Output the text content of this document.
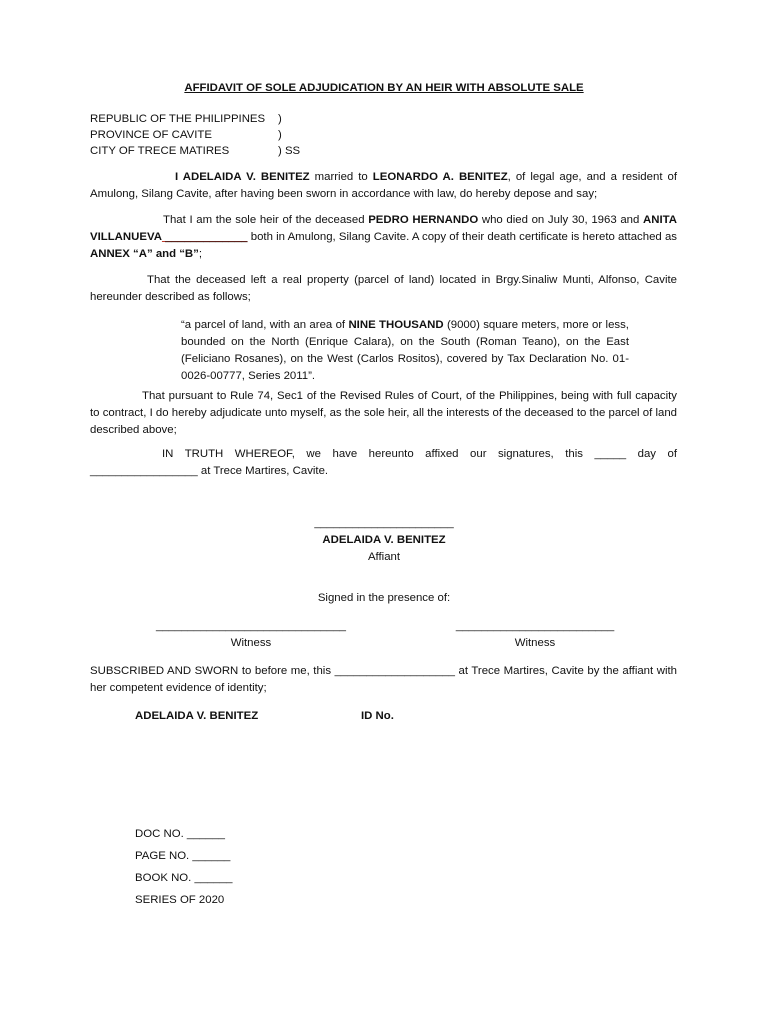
AFFIDAVIT OF SOLE ADJUDICATION BY AN HEIR WITH ABSOLUTE SALE
REPUBLIC OF THE PHILIPPINES	)
PROVINCE OF CAVITE	)
CITY OF TRECE MATIRES	) SS

I ADELAIDA V. BENITEZ married to LEONARDO A. BENITEZ, of legal age, and a resident of Amulong, Silang Cavite, after having been sworn in accordance with law, do hereby depose and say;

That I am the sole heir of the deceased PEDRO HERNANDO who died on July 30, 1963 and ANITA VILLANUEVA _____________ both in Amulong, Silang Cavite. A copy of their death certificate is hereto attached as ANNEX “A” and “B”;

That the deceased left a real property (parcel of land) located in Brgy.Sinaliw Munti, Alfonso, Cavite hereunder described as follows;

“a parcel of land, with an area of NINE THOUSAND (9000) square meters, more or less, bounded on the North (Enrique Calara), on the South (Roman Teano), on the East (Feliciano Rosanes), on the West (Carlos Rositos), covered by Tax Declaration No. 01-0026-00777, Series 2011”.

That pursuant to Rule 74, Sec1 of the Revised Rules of Court, of the Philippines, being with full capacity to contract, I do hereby adjudicate unto myself, as the sole heir, all the interests of the deceased to the parcel of land described above;

IN TRUTH WHEREOF, we have hereunto affixed our signatures, this _____ day of _________________ at Trece Martires, Cavite.

______________________
ADELAIDA V. BENITEZ
Affiant
Signed in the presence of:
______________________________
Witness
_________________________
Witness

SUBSCRIBED AND SWORN to before me, this ___________________ at Trece Martires, Cavite by the affiant with her competent evidence of identity;

ADELAIDA V. BENITEZ	ID No.
DOC NO. ______
PAGE NO. ______
BOOK NO. ______
SERIES OF 2020
